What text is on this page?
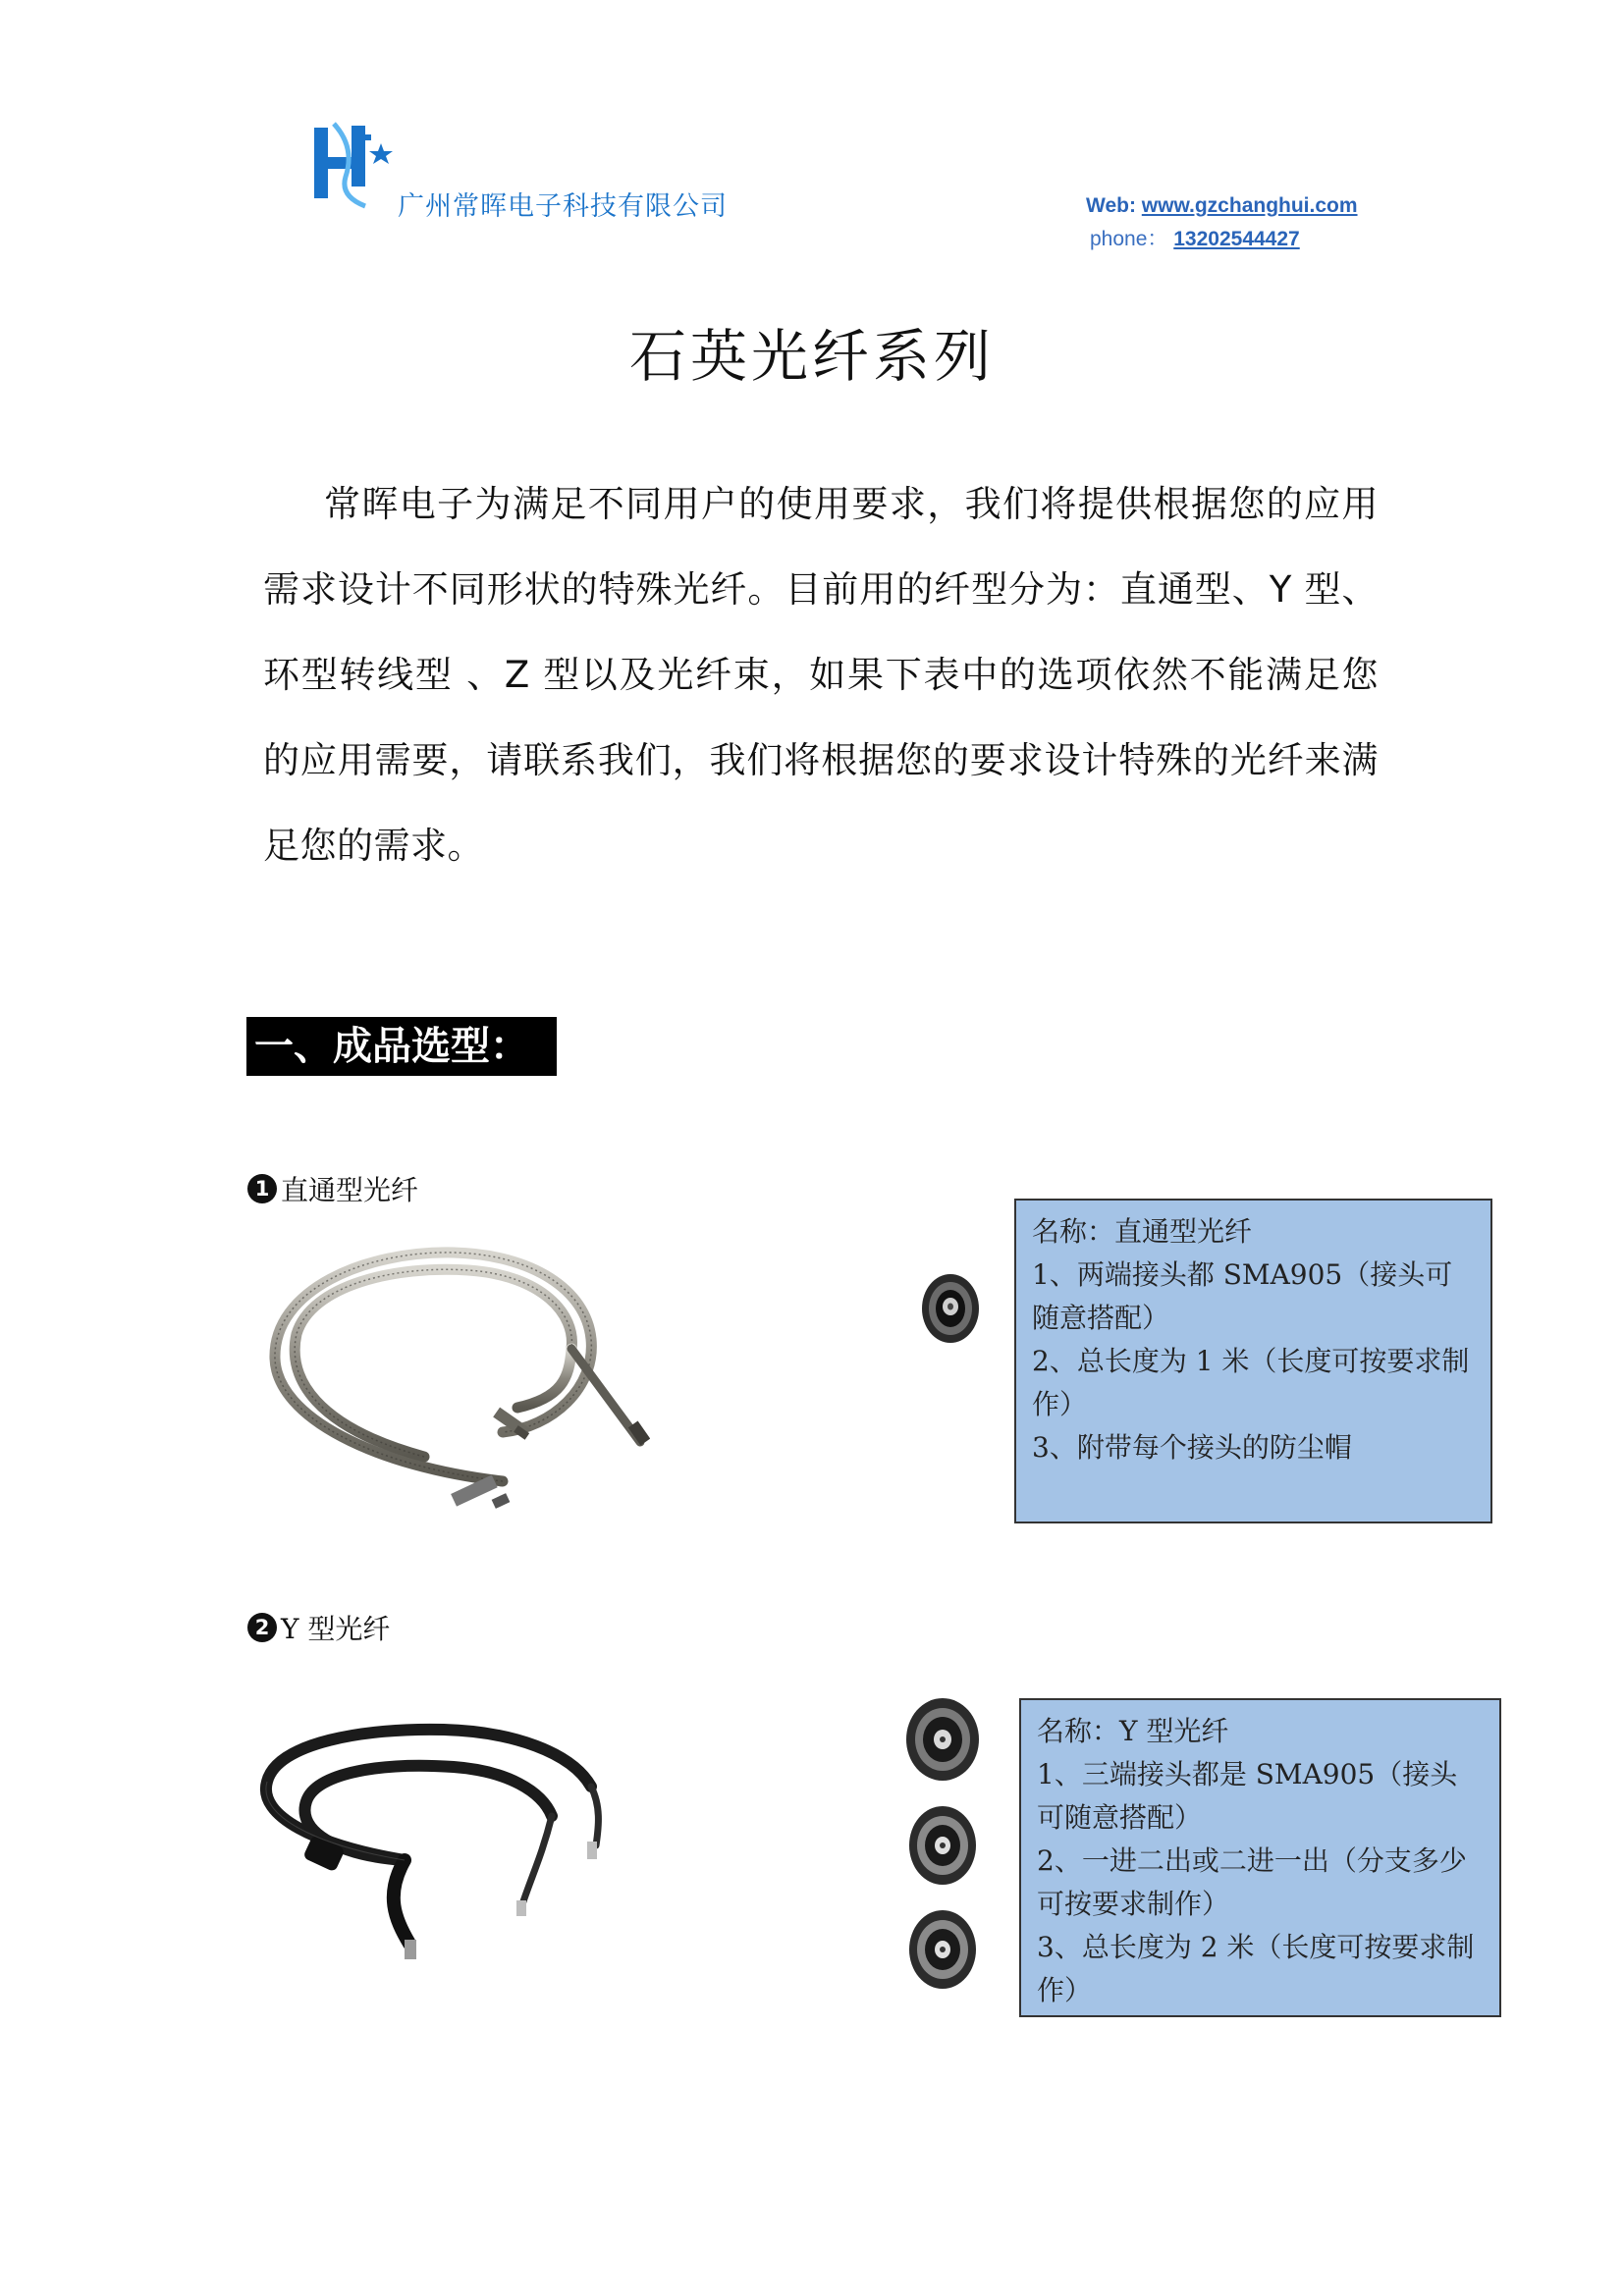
广州常晖电子科技有限公司	Web: www.gzchanghui.com
phone： 13202544427
石英光纤系列
常晖电子为满足不同用户的使用要求，我们将提供根据您的应用需求设计不同形状的特殊光纤。目前用的纤型分为：直通型、Y 型、环型转线型 、Z 型以及光纤束，如果下表中的选项依然不能满足您的应用需要，请联系我们，我们将根据您的要求设计特殊的光纤来满足您的需求。
一、成品选型：
1 直通型光纤
名称：直通型光纤
1、两端接头都 SMA905（接头可随意搭配）
2、总长度为 1 米（长度可按要求制作）
3、附带每个接头的防尘帽
2 Y 型光纤
名称：Y 型光纤
1、三端接头都是 SMA905（接头可随意搭配）
2、一进二出或二进一出（分支多少可按要求制作）
3、总长度为 2 米（长度可按要求制作）
